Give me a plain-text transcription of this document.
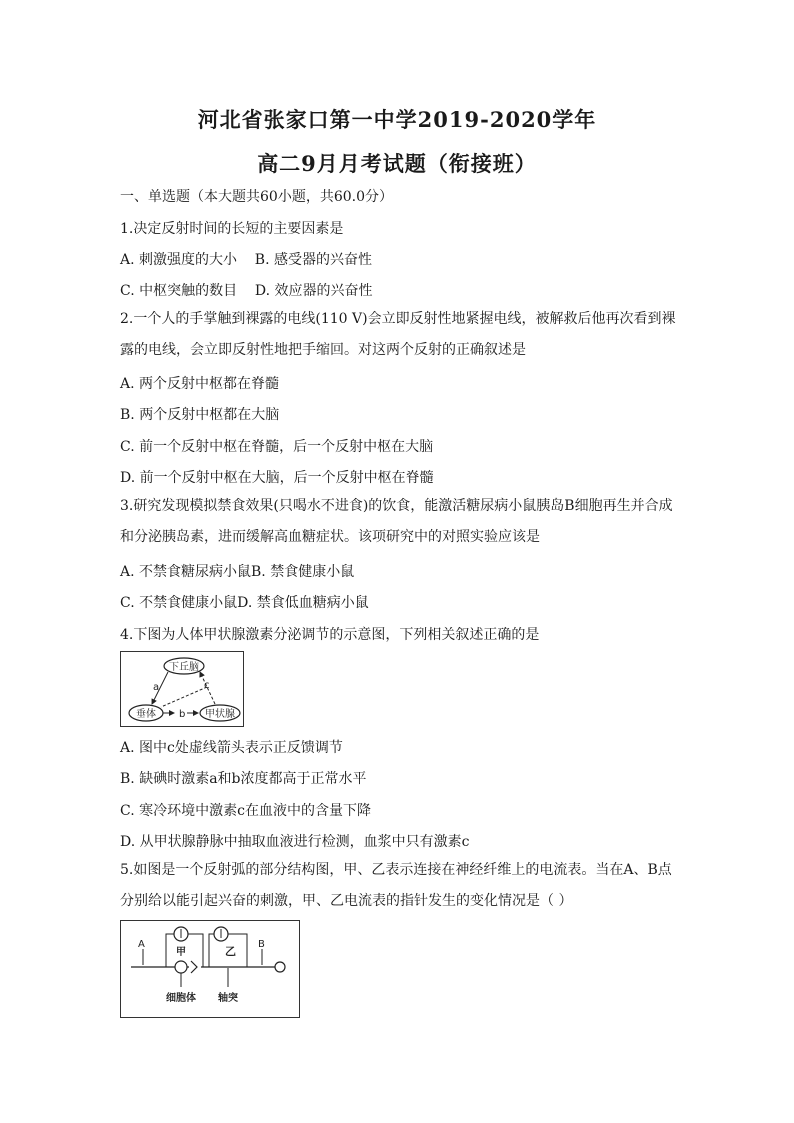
河北省张家口第一中学2019-2020学年
高二9月月考试题（衔接班）
一、单选题（本大题共60小题，共60.0分）
1.决定反射时间的长短的主要因素是
A. 刺激强度的大小    B. 感受器的兴奋性
C. 中枢突触的数目    D. 效应器的兴奋性
2.一个人的手掌触到裸露的电线(110 V)会立即反射性地紧握电线，被解救后他再次看到裸露的电线，会立即反射性地把手缩回。对这两个反射的正确叙述是
A. 两个反射中枢都在脊髓
B. 两个反射中枢都在大脑
C. 前一个反射中枢在脊髓，后一个反射中枢在大脑
D. 前一个反射中枢在大脑，后一个反射中枢在脊髓
3.研究发现模拟禁食效果(只喝水不进食)的饮食，能激活糖尿病小鼠胰岛B细胞再生并合成和分泌胰岛素，进而缓解高血糖症状。该项研究中的对照实验应该是
A. 不禁食糖尿病小鼠B. 禁食健康小鼠
C. 不禁食健康小鼠D. 禁食低血糖病小鼠
4.下图为人体甲状腺激素分泌调节的示意图，下列相关叙述正确的是
下丘脑
垂体	甲状腺
a	c
b
A. 图中c处虚线箭头表示正反馈调节
B. 缺碘时激素a和b浓度都高于正常水平
C. 寒冷环境中激素c在血液中的含量下降
D. 从甲状腺静脉中抽取血液进行检测，血浆中只有激素c
5.如图是一个反射弧的部分结构图，甲、乙表示连接在神经纤维上的电流表。当在A、B点分别给以能引起兴奋的刺激，甲、乙电流表的指针发生的变化情况是（ ）
A	B
甲	乙
细胞体 轴突
